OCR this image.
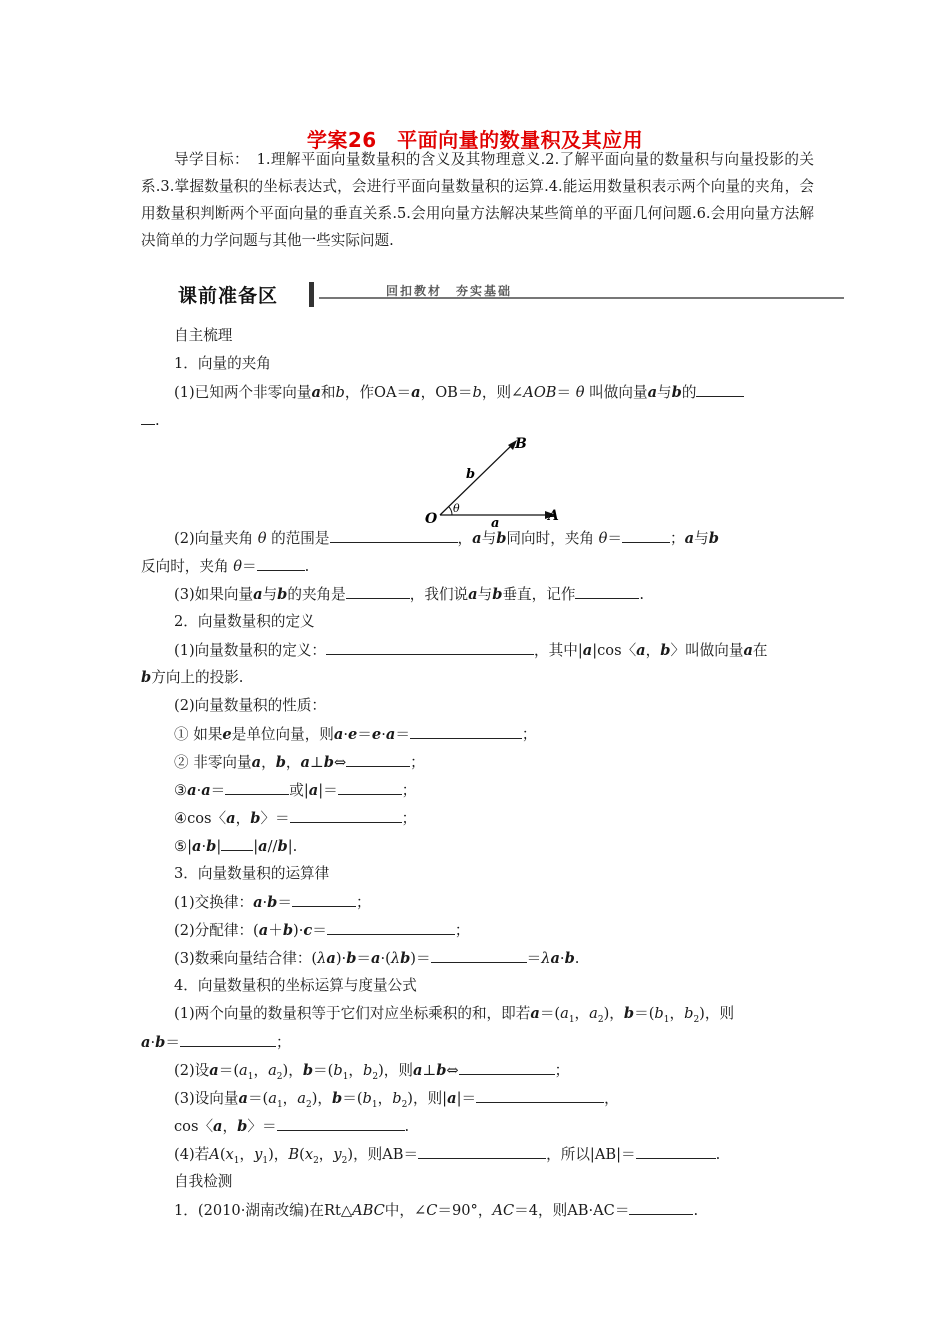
学案26　平面向量的数量积及其应用
导学目标：　1.理解平面向量数量积的含义及其物理意义.2.了解平面向量的数量积与向量投影的关系.3.掌握数量积的坐标表达式，会进行平面向量数量积的运算.4.能运用数量积表示两个向量的夹角，会用数量积判断两个平面向量的垂直关系.5.会用向量方法解决某些简单的平面几何问题.6.会用向量方法解决简单的力学问题与其他一些实际问题.
课前准备区	回扣教材　夯实基础
自主梳理
1．向量的夹角
(1)已知两个非零向量a和b，作OA＝a，OB＝b，则∠AOB＝ θ 叫做向量a与b的
.
O	A
B
a
b
θ
(2)向量夹角 θ 的范围是	，a与b同向时，夹角 θ＝	；a与b
反向时，夹角 θ＝	.
(3)如果向量a与b的夹角是	，我们说a与b垂直，记作	.
2．向量数量积的定义
(1)向量数量积的定义：	，其中|a|cos〈a，b〉叫做向量a在
b方向上的投影.
(2)向量数量积的性质：
① 如果e是单位向量，则a·e＝e·a＝	；
② 非零向量a，b，a⊥b⇔	；
③a·a＝	或|a|＝	；
④cos〈a，b〉＝	；
⑤|a·b| |a//b|.
3．向量数量积的运算律
(1)交换律：a·b＝	；
(2)分配律：(a＋b)·c＝	；
(3)数乘向量结合律：(λa)·b＝a·(λb)＝	＝λa·b.
4．向量数量积的坐标运算与度量公式
(1)两个向量的数量积等于它们对应坐标乘积的和，即若$a=(a_1$，$a_2$)，$b=(b_1$，$b_2$)，则
a·b＝	；
(2)设$a=(a_1$，$a_2$)，$b=(b_1$，$b_2$)，则a⊥b⇔	；
(3)设向量$a=(a_1$，$a_2$)，$b=(b_1$，$b_2$)，则|a|＝	，
cos〈a，b〉＝	.
(4)若$A(x_1$，$y_1$)，$B(x_2$，$y_2$)，则AB＝	，所以|AB|＝	.
自我检测
1．(2010·湖南改编)在Rt△ABC中，∠C＝90°，AC＝4，则AB·AC＝	.
